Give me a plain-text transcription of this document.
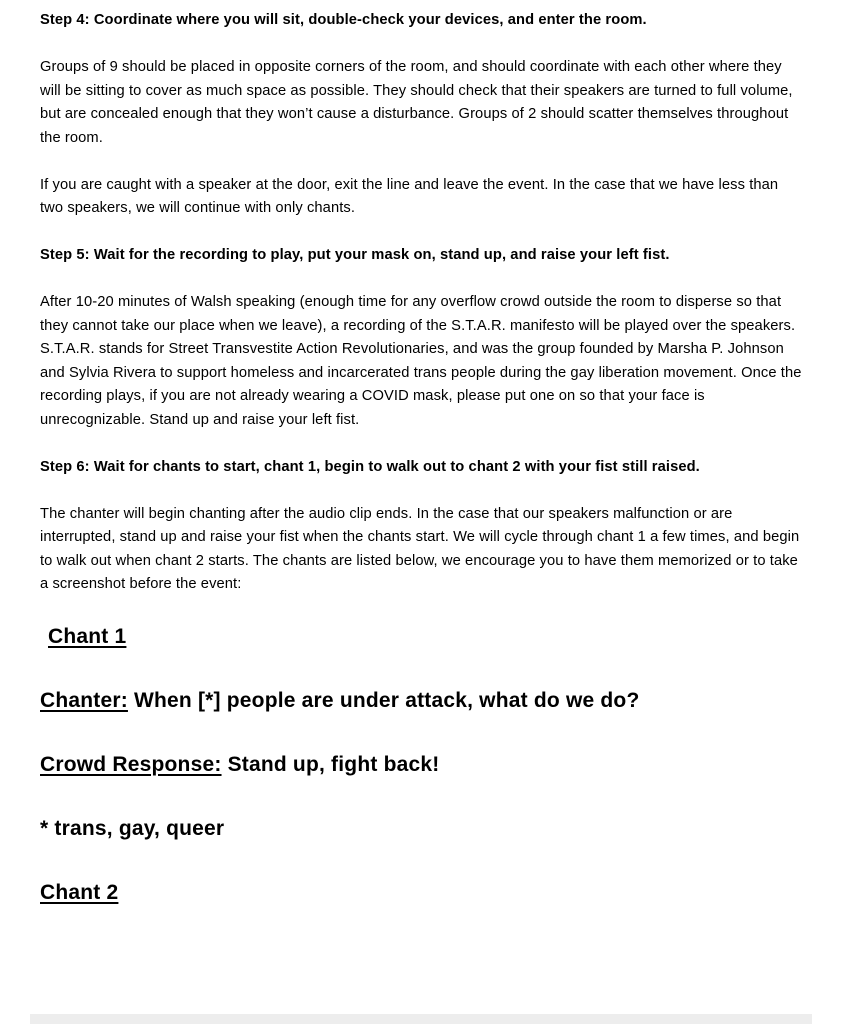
Step 4: Coordinate where you will sit, double-check your devices, and enter the room.

Groups of 9 should be placed in opposite corners of the room, and should coordinate with each other where they will be sitting to cover as much space as possible. They should check that their speakers are turned to full volume, but are concealed enough that they won’t cause a disturbance. Groups of 2 should scatter themselves throughout the room.

If you are caught with a speaker at the door, exit the line and leave the event. In the case that we have less than two speakers, we will continue with only chants.

Step 5: Wait for the recording to play, put your mask on, stand up, and raise your left fist.

After 10-20 minutes of Walsh speaking (enough time for any overflow crowd outside the room to disperse so that they cannot take our place when we leave), a recording of the S.T.A.R. manifesto will be played over the speakers. S.T.A.R. stands for Street Transvestite Action Revolutionaries, and was the group founded by Marsha P. Johnson and Sylvia Rivera to support homeless and incarcerated trans people during the gay liberation movement. Once the recording plays, if you are not already wearing a COVID mask, please put one on so that your face is unrecognizable. Stand up and raise your left fist.

Step 6: Wait for chants to start, chant 1, begin to walk out to chant 2 with your fist still raised.

The chanter will begin chanting after the audio clip ends. In the case that our speakers malfunction or are interrupted, stand up and raise your fist when the chants start. We will cycle through chant 1 a few times, and begin to walk out when chant 2 starts. The chants are listed below, we encourage you to have them memorized or to take a screenshot before the event:

Chant 1

Chanter: When [*] people are under attack, what do we do?

Crowd Response: Stand up, fight back!

* trans, gay, queer

Chant 2
